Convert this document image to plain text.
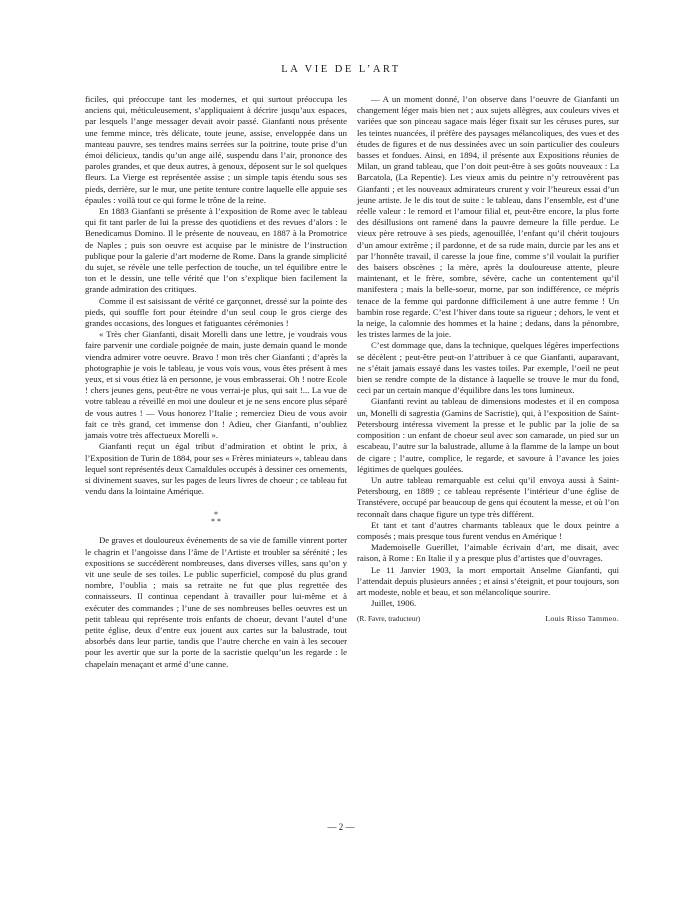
LA VIE DE L’ART

ficiles, qui préoccupe tant les modernes, et qui surtout préoccupa les anciens qui, méticuleusement, s’appliquaient à décrire jusqu’aux espaces, par lesquels l’ange messager devait avoir passé. Gianfanti nous présente une femme mince, très délicate, toute jeune, assise, enveloppée dans un manteau pauvre, ses tendres mains serrées sur la poitrine, toute prise d’un émoi délicieux, tandis qu’un ange ailé, suspendu dans l’air, prononce des paroles grandes, et que deux autres, à genoux, déposent sur le sol quelques fleurs. La Vierge est représentée assise ; un simple tapis étendu sous ses pieds, derrière, sur le mur, une petite tenture contre laquelle elle appuie ses épaules : voilà tout ce qui forme le trône de la reine.

En 1883 Gianfanti se présente à l’exposition de Rome avec le tableau qui fit tant parler de lui la presse des quotidiens et des revues d’alors : le Benedicamus Domino. Il le présente de nouveau, en 1887 à la Promotrice de Naples ; puis son oeuvre est acquise par le ministre de l’instruction publique pour la galerie d’art moderne de Rome. Dans la grande simplicité du sujet, se révèle une telle perfection de touche, un tel équilibre entre le ton et le dessin, une telle vérité que l’on s’explique bien facilement la grande admiration des critiques.

Comme il est saisissant de vérité ce garçonnet, dressé sur la pointe des pieds, qui souffle fort pour éteindre d’un seul coup le gros cierge des grandes occasions, des longues et fatiguantes cérémonies !

« Très cher Gianfanti, disait Morelli dans une lettre, je voudrais vous faire parvenir une cordiale poignée de main, juste demain quand le monde viendra admirer votre oeuvre. Bravo ! mon très cher Gianfanti ; d’après la photographie je vois le tableau, je vous vois vous, vous êtes présent à mes yeux, et si vous étiez là en personne, je vous embrasserai. Oh ! notre Ecole ! chers jeunes gens, peut-être ne vous verrai-je plus, qui sait !... La vue de votre tableau a réveillé en moi une douleur et je ne sens encore plus séparé de vous autres ! — Vous honorez l’Italie ; remerciez Dieu de vous avoir fait ce très grand, cet immense don ! Adieu, cher Gianfanti, n’oubliez jamais votre très affectueux Morelli ».

Gianfanti reçut un égal tribut d’admiration et obtint le prix, à l’Exposition de Turin de 1884, pour ses « Frères miniateurs », tableau dans lequel sont représentés deux Camaldules occupés à dessiner ces ornements, si divinement suaves, sur les pages de leurs livres de choeur ; ce tableau fut vendu dans la lointaine Amérique.

*
* *

De graves et douloureux événements de sa vie de famille vinrent porter le chagrin et l’angoisse dans l’âme de l’Artiste et troubler sa sérénité ; les expositions se succédèrent nombreuses, dans diverses villes, sans qu’on y vit une seule de ses toiles. Le public superficiel, composé du plus grand nombre, l’oublia ; mais sa retraite ne fut que plus regrettée des connaisseurs. Il continua cependant à travailler pour lui-même et à exécuter des commandes ; l’une de ses nombreuses belles oeuvres est un petit tableau qui représente trois enfants de choeur, devant l’autel d’une petite église, deux d’entre eux jouent aux cartes sur la balustrade, tout absorbés dans leur partie, tandis que l’autre cherche en vain à les secouer pour les avertir que sur la porte de la sacristie quelqu’un les regarde : le chapelain menaçant et armé d’une canne.

— A un moment donné, l’on observe dans l’oeuvre de Gianfanti un changement léger mais bien net ; aux sujets allègres, aux couleurs vives et variées que son pinceau sagace mais léger fixait sur les céruses pures, sur les teintes nuancées, il préfère des paysages mélancoliques, des vues et des études de figures et de nus dessinées avec un soin particulier des couleurs basses et fondues. Ainsi, en 1894, il présente aux Expositions réunies de Milan, un grand tableau, que l’on doit peut-être à ses goûts nouveaux : La Barcatola, (La Repentie). Les vieux amis du peintre n’y retrouvèrent pas Gianfanti ; et les nouveaux admirateurs crurent y voir l’heureux essai d’un jeune artiste. Je le dis tout de suite : le tableau, dans l’ensemble, est d’une réelle valeur : le remord et l’amour filial et, peut-être encore, la plus forte des désillusions ont ramené dans la pauvre demeure la fille perdue. Le vieux père retrouve à ses pieds, agenouillée, l’enfant qu’il chérit toujours d’un amour extrême ; il pardonne, et de sa rude main, durcie par les ans et par l’honnête travail, il caresse la joue fine, comme s’il voulait la purifier des baisers obscènes ; la mère, après la douloureuse attente, pleure maintenant, et le frère, sombre, sévère, cache un contentement qu’il manifestera ; mais la belle-soeur, morne, par son indifférence, ce mépris tenace de la femme qui pardonne difficilement à une autre femme ! Un bambin rose regarde. C’est l’hiver dans toute sa rigueur ; dehors, le vent et la neige, la calomnie des hommes et la haine ; dedans, dans la pénombre, les tristes larmes de la joie.

C’est dommage que, dans la technique, quelques légères imperfections se décèlent ; peut-être peut-on l’attribuer à ce que Gianfanti, auparavant, ne s’était jamais essayé dans les vastes toiles. Par exemple, l’oeil ne peut bien se rendre compte de la distance à laquelle se trouve le mur du fond, ceci par un certain manque d’équilibre dans les tons lumineux.

Gianfanti revint au tableau de dimensions modestes et il en composa un, Monelli di sagrestia (Gamins de Sacristie), qui, à l’exposition de Saint-Petersbourg intéressa vivement la presse et le public par la jolie de sa composition : un enfant de choeur seul avec son camarade, un pied sur un escabeau, l’autre sur la balustrade, allume à la flamme de la lampe un bout de cigare ; l’autre, complice, le regarde, et savoure à l’avance les joies légitimes de quelques goulées.

Un autre tableau remarquable est celui qu’il envoya aussi à Saint-Petersbourg, en 1889 ; ce tableau représente l’intérieur d’une église de Transtévere, occupé par beaucoup de gens qui écoutent la messe, et où l’on reconnaît dans chaque figure un type très différent.

Et tant et tant d’autres charmants tableaux que le doux peintre a composés ; mais presque tous furent vendus en Amérique !

Mademoiselle Guerillet, l’aimable écrivain d’art, me disait, avec raison, à Rome : En Italie il y a presque plus d’artistes que d’ouvrages.

Le 11 Janvier 1903, la mort emportait Anselme Gianfanti, qui l’attendait depuis plusieurs années ; et ainsi s’éteignit, et pour toujours, son art modeste, noble et beau, et son mélancolique sourire.

Juillet, 1906.

(R. Favre, traducteur)	Louis Risso Tammeo.
— 2 —
